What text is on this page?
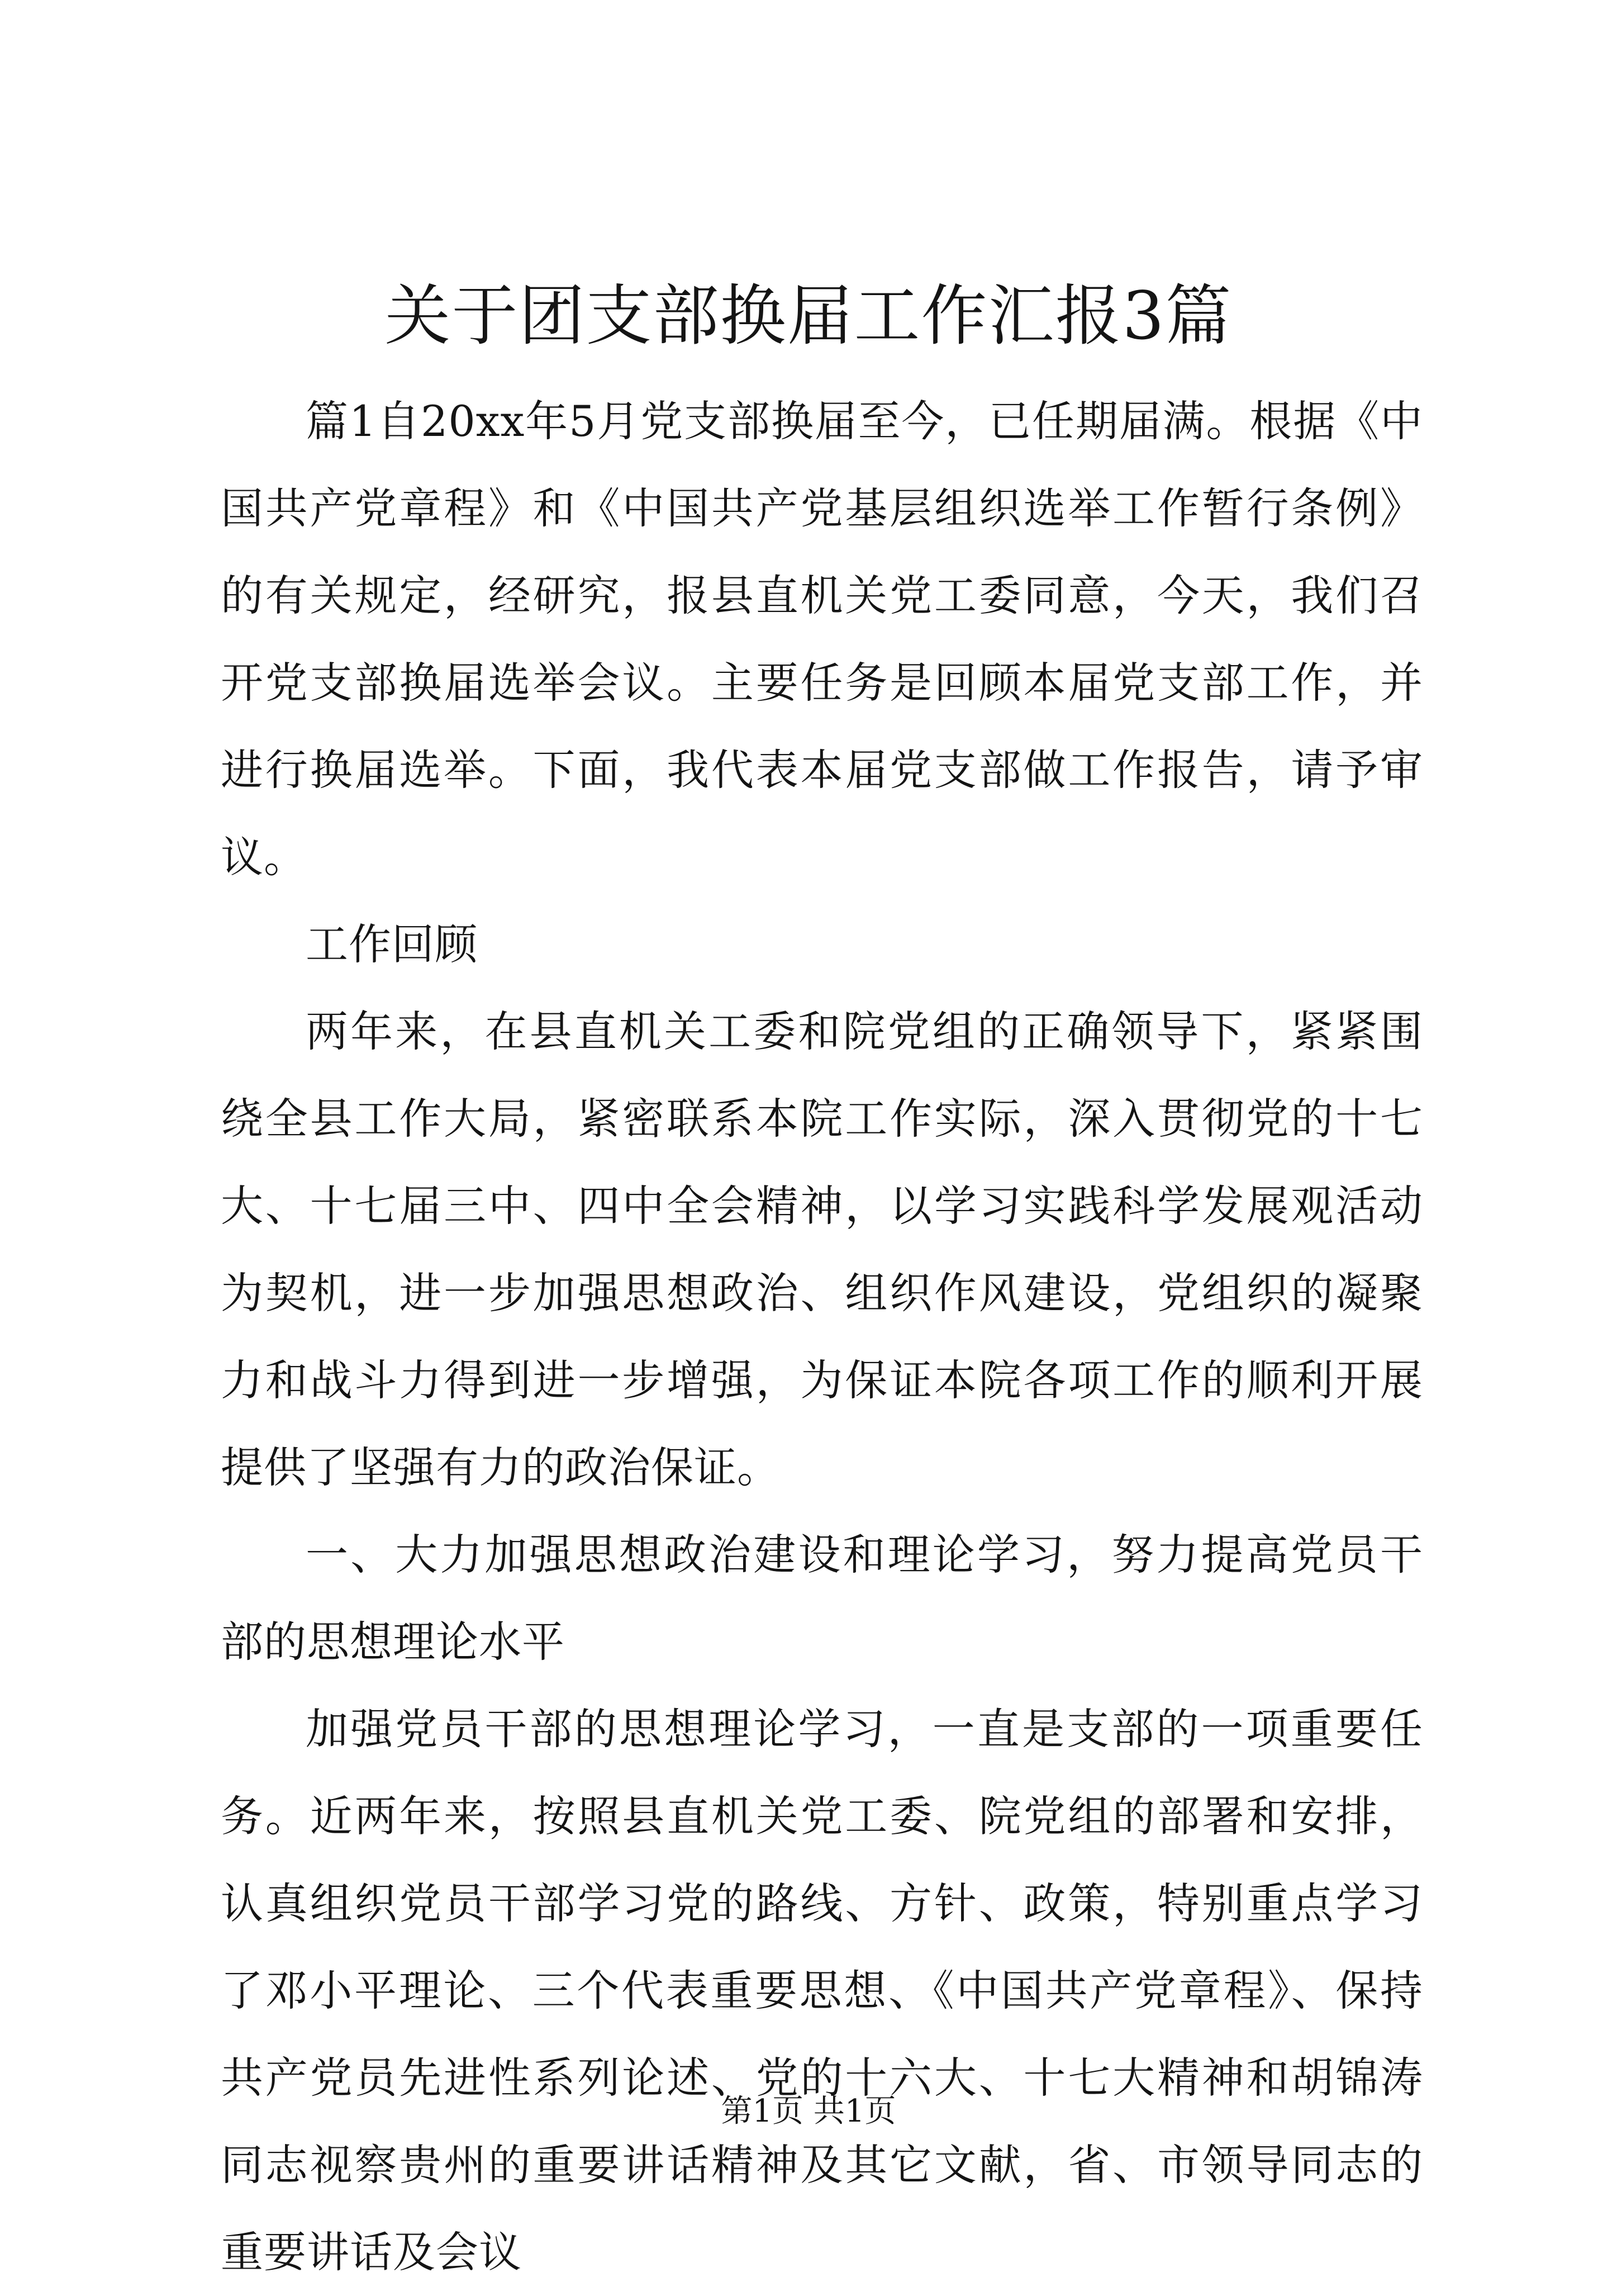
关于团支部换届工作汇报3篇

篇1自20xx年5月党支部换届至今，已任期届满。根据《中国共产党章程》和《中国共产党基层组织选举工作暂行条例》的有关规定，经研究，报县直机关党工委同意，今天，我们召开党支部换届选举会议。主要任务是回顾本届党支部工作，并进行换届选举。下面，我代表本届党支部做工作报告，请予审议。

工作回顾

两年来，在县直机关工委和院党组的正确领导下，紧紧围绕全县工作大局，紧密联系本院工作实际，深入贯彻党的十七大、十七届三中、四中全会精神，以学习实践科学发展观活动为契机，进一步加强思想政治、组织作风建设，党组织的凝聚力和战斗力得到进一步增强，为保证本院各项工作的顺利开展提供了坚强有力的政治保证。

一、大力加强思想政治建设和理论学习，努力提高党员干部的思想理论水平

加强党员干部的思想理论学习，一直是支部的一项重要任务。近两年来，按照县直机关党工委、院党组的部署和安排，认真组织党员干部学习党的路线、方针、政策，特别重点学习了邓小平理论、三个代表重要思想、《中国共产党章程》、保持共产党员先进性系列论述、党的十六大、十七大精神和胡锦涛同志视察贵州的重要讲话精神及其它文献，省、市领导同志的重要讲话及会议

第1页 共1页
